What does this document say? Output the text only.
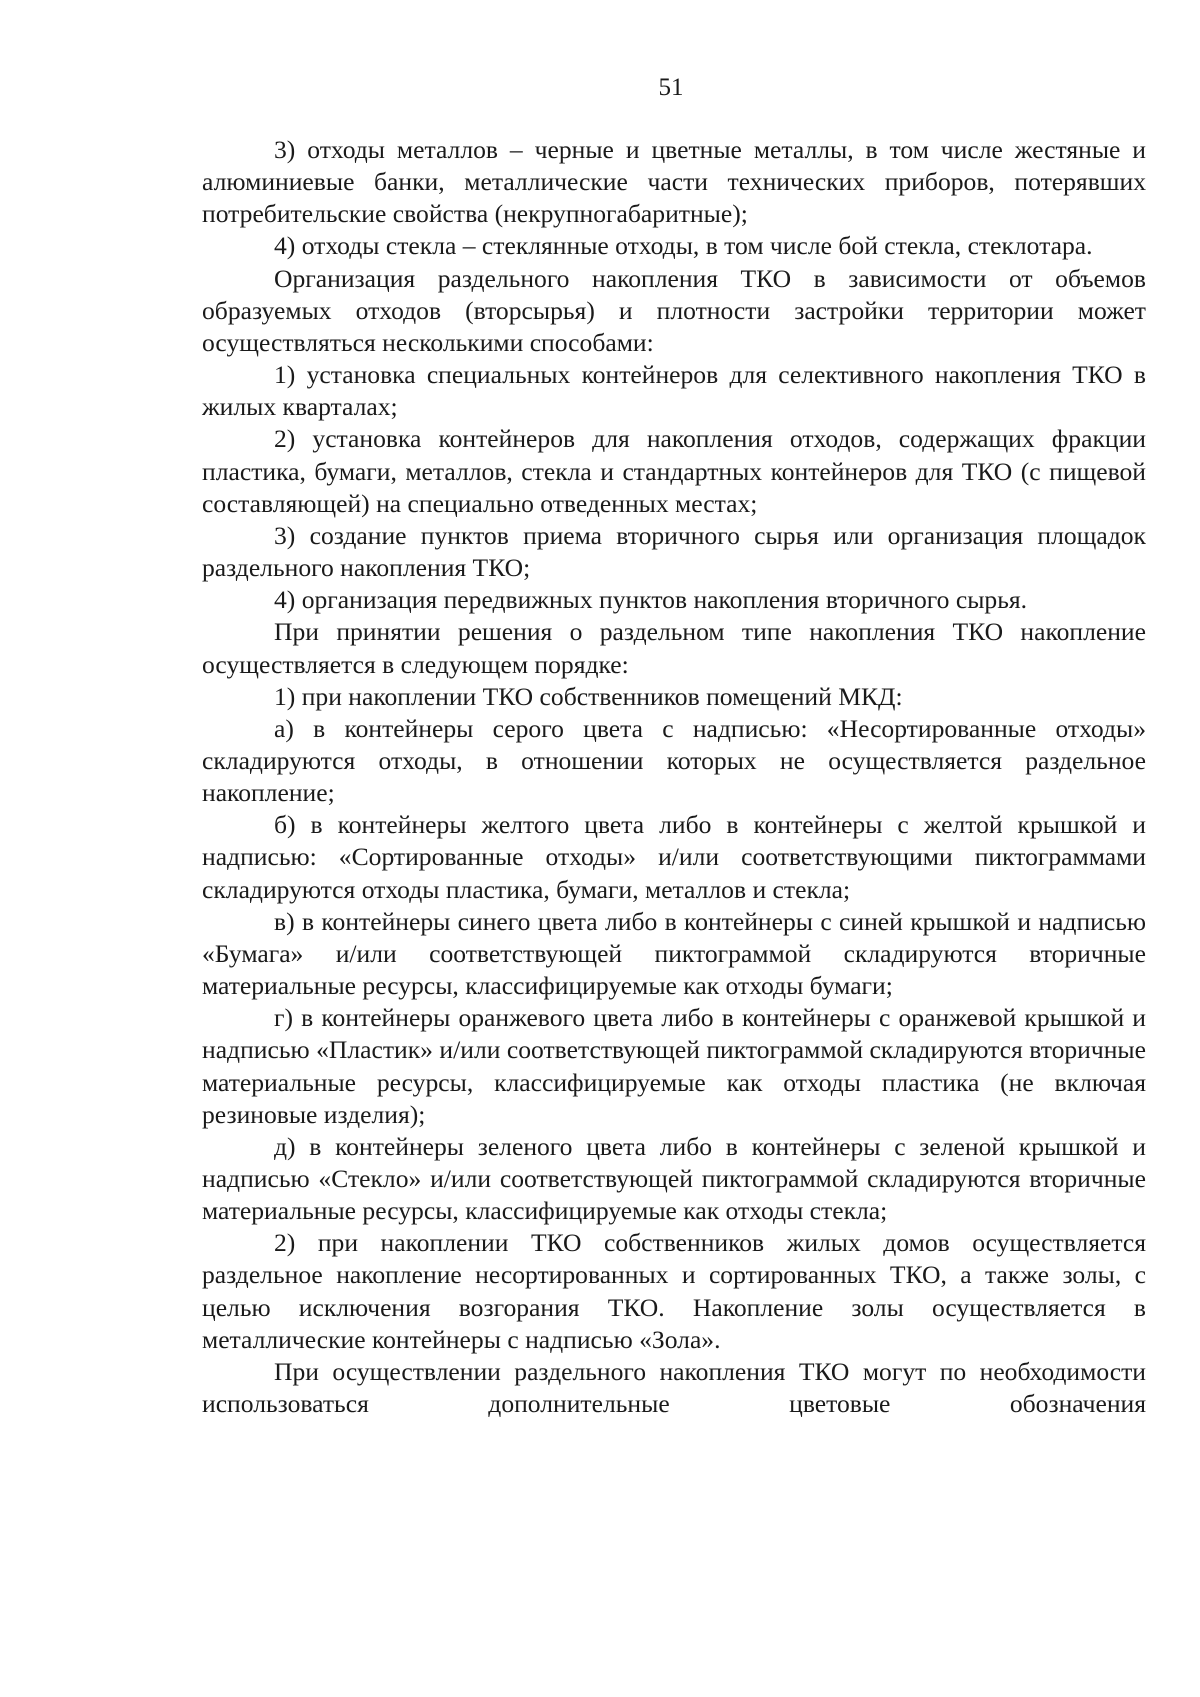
51

3) отходы металлов – черные и цветные металлы, в том числе жестяные и алюминиевые банки, металлические части технических приборов, потерявших потребительские свойства (некрупногабаритные);

4) отходы стекла – стеклянные отходы, в том числе бой стекла, стеклотара.

Организация раздельного накопления ТКО в зависимости от объемов образуемых отходов (вторсырья) и плотности застройки территории может осуществляться несколькими способами:

1) установка специальных контейнеров для селективного накопления ТКО в жилых кварталах;

2) установка контейнеров для накопления отходов, содержащих фракции пластика, бумаги, металлов, стекла и стандартных контейнеров для ТКО (с пищевой составляющей) на специально отведенных местах;

3) создание пунктов приема вторичного сырья или организация площадок раздельного накопления ТКО;

4) организация передвижных пунктов накопления вторичного сырья.

При принятии решения о раздельном типе накопления ТКО накопление осуществляется в следующем порядке:

1) при накоплении ТКО собственников помещений МКД:

а) в контейнеры серого цвета с надписью: «Несортированные отходы» складируются отходы, в отношении которых не осуществляется раздельное накопление;

б) в контейнеры желтого цвета либо в контейнеры с желтой крышкой и надписью: «Сортированные отходы» и/или соответствующими пиктограммами складируются отходы пластика, бумаги, металлов и стекла;

в) в контейнеры синего цвета либо в контейнеры с синей крышкой и надписью «Бумага» и/или соответствующей пиктограммой складируются вторичные материальные ресурсы, классифицируемые как отходы бумаги;

г) в контейнеры оранжевого цвета либо в контейнеры с оранжевой крышкой и надписью «Пластик» и/или соответствующей пиктограммой складируются вторичные материальные ресурсы, классифицируемые как отходы пластика (не включая резиновые изделия);

д) в контейнеры зеленого цвета либо в контейнеры с зеленой крышкой и надписью «Стекло» и/или соответствующей пиктограммой складируются вторичные материальные ресурсы, классифицируемые как отходы стекла;

2) при накоплении ТКО собственников жилых домов осуществляется раздельное накопление несортированных и сортированных ТКО, а также золы, с целью исключения возгорания ТКО. Накопление золы осуществляется в металлические контейнеры с надписью «Зола».

При осуществлении раздельного накопления ТКО могут по необходимости использоваться дополнительные цветовые обозначения
